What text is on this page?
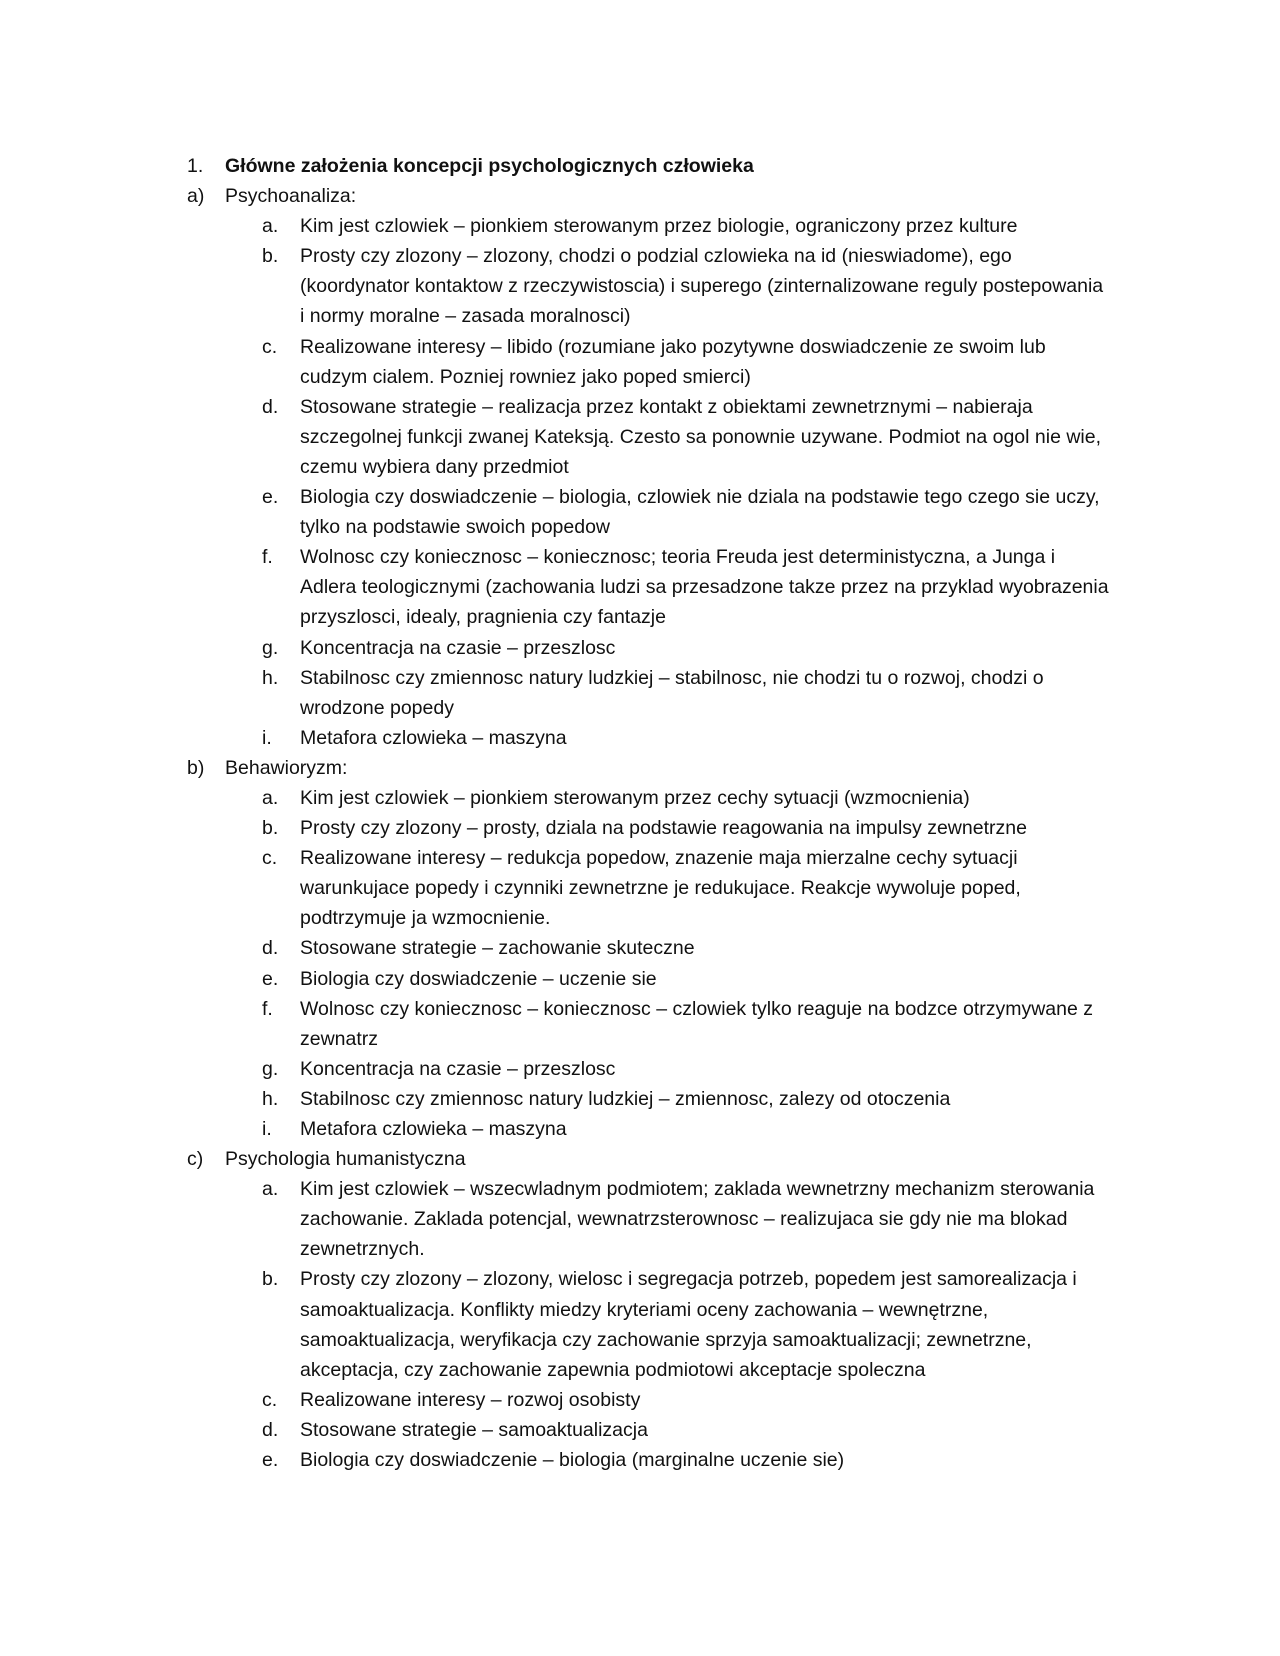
1. Główne założenia koncepcji psychologicznych człowieka
a) Psychoanaliza:
a. Kim jest czlowiek – pionkiem sterowanym przez biologie, ograniczony przez kulture
b. Prosty czy zlozony – zlozony, chodzi o podzial czlowieka na id (nieswiadome), ego (koordynator kontaktow z rzeczywistoscia) i superego (zinternalizowane reguly postepowania i normy moralne – zasada moralnosci)
c. Realizowane interesy – libido (rozumiane jako pozytywne doswiadczenie ze swoim lub cudzym cialem. Pozniej rowniez jako poped smierci)
d. Stosowane strategie – realizacja przez kontakt z obiektami zewnetrznymi – nabieraja szczegolnej funkcji zwanej Kateksją. Czesto sa ponownie uzywane. Podmiot na ogol nie wie, czemu wybiera dany przedmiot
e. Biologia czy doswiadczenie – biologia, czlowiek nie dziala na podstawie tego czego sie uczy, tylko na podstawie swoich popedow
f. Wolnosc czy koniecznosc – koniecznosc; teoria Freuda jest deterministyczna, a Junga i Adlera teologicznymi (zachowania ludzi sa przesadzone takze przez na przyklad wyobrazenia przyszlosci, idealy, pragnienia czy fantazje
g. Koncentracja na czasie – przeszlosc
h. Stabilnosc czy zmiennosc natury ludzkiej – stabilnosc, nie chodzi tu o rozwoj, chodzi o wrodzone popedy
i. Metafora czlowieka – maszyna
b) Behawioryzm:
a. Kim jest czlowiek – pionkiem sterowanym przez cechy sytuacji (wzmocnienia)
b. Prosty czy zlozony – prosty, dziala na podstawie reagowania na impulsy zewnetrzne
c. Realizowane interesy – redukcja popedow, znazenie maja mierzalne cechy sytuacji warunkujace popedy i czynniki zewnetrzne je redukujace. Reakcje wywoluje poped, podtrzymuje ja wzmocnienie.
d. Stosowane strategie – zachowanie skuteczne
e. Biologia czy doswiadczenie – uczenie sie
f. Wolnosc czy koniecznosc – koniecznosc – czlowiek tylko reaguje na bodzce otrzymywane z zewnatrz
g. Koncentracja na czasie – przeszlosc
h. Stabilnosc czy zmiennosc natury ludzkiej – zmiennosc, zalezy od otoczenia
i. Metafora czlowieka – maszyna
c) Psychologia humanistyczna
a. Kim jest czlowiek – wszecwladnym podmiotem; zaklada wewnetrzny mechanizm sterowania zachowanie. Zaklada potencjal, wewnatrzsterownosc – realizujaca sie gdy nie ma blokad zewnetrznych.
b. Prosty czy zlozony – zlozony, wielosc i segregacja potrzeb, popedem jest samorealizacja i samoaktualizacja. Konflikty miedzy kryteriami oceny zachowania – wewnętrzne, samoaktualizacja, weryfikacja czy zachowanie sprzyja samoaktualizacji; zewnetrzne, akceptacja, czy zachowanie zapewnia podmiotowi akceptacje spoleczna
c. Realizowane interesy – rozwoj osobisty
d. Stosowane strategie – samoaktualizacja
e. Biologia czy doswiadczenie – biologia (marginalne uczenie sie)
